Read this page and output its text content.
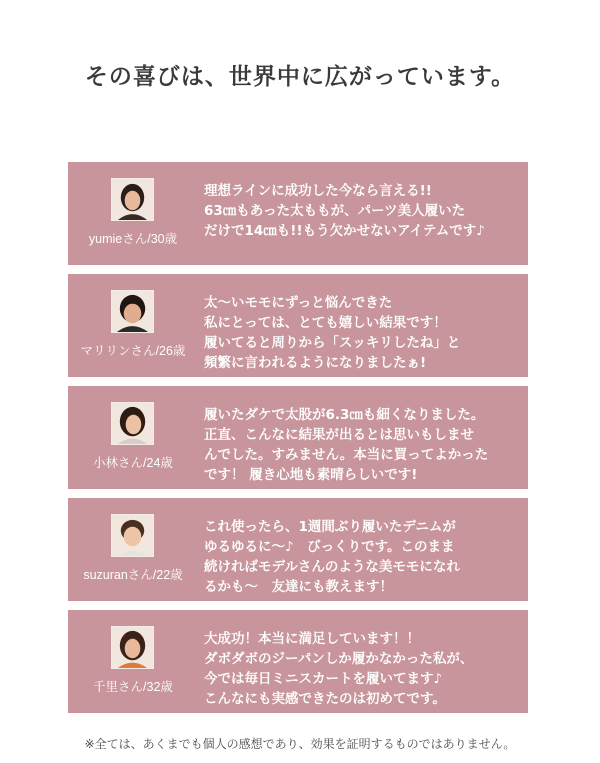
その喜びは、世界中に広がっています。
yumieさん/30歳
理想ラインに成功した今なら言える!!
63㎝もあった太ももが、パーツ美人履いた
だけで14㎝も!!もう欠かせないアイテムです♪
マリリンさん/26歳
太〜いモモにずっと悩んできた
私にとっては、とても嬉しい結果です！
履いてると周りから「スッキリしたね」と
頻繁に言われるようになりましたぁ!
小林さん/24歳
履いたダケで太股が6.3㎝も細くなりました。
正直、こんなに結果が出るとは思いもしませ
んでした。すみません。本当に買ってよかった
です！ 履き心地も素晴らしいです!
suzuranさん/22歳
これ使ったら、1週間ぶり履いたデニムが
ゆるゆるに〜♪　びっくりです。このまま
続ければモデルさんのような美モモになれ
るかも〜　友達にも教えます！
千里さん/32歳
大成功！本当に満足しています！！
ダボダボのジーパンしか履かなかった私が、
今では毎日ミニスカートを履いてます♪
こんなにも実感できたのは初めてです。
※全ては、あくまでも個人の感想であり、効果を証明するものではありません。
